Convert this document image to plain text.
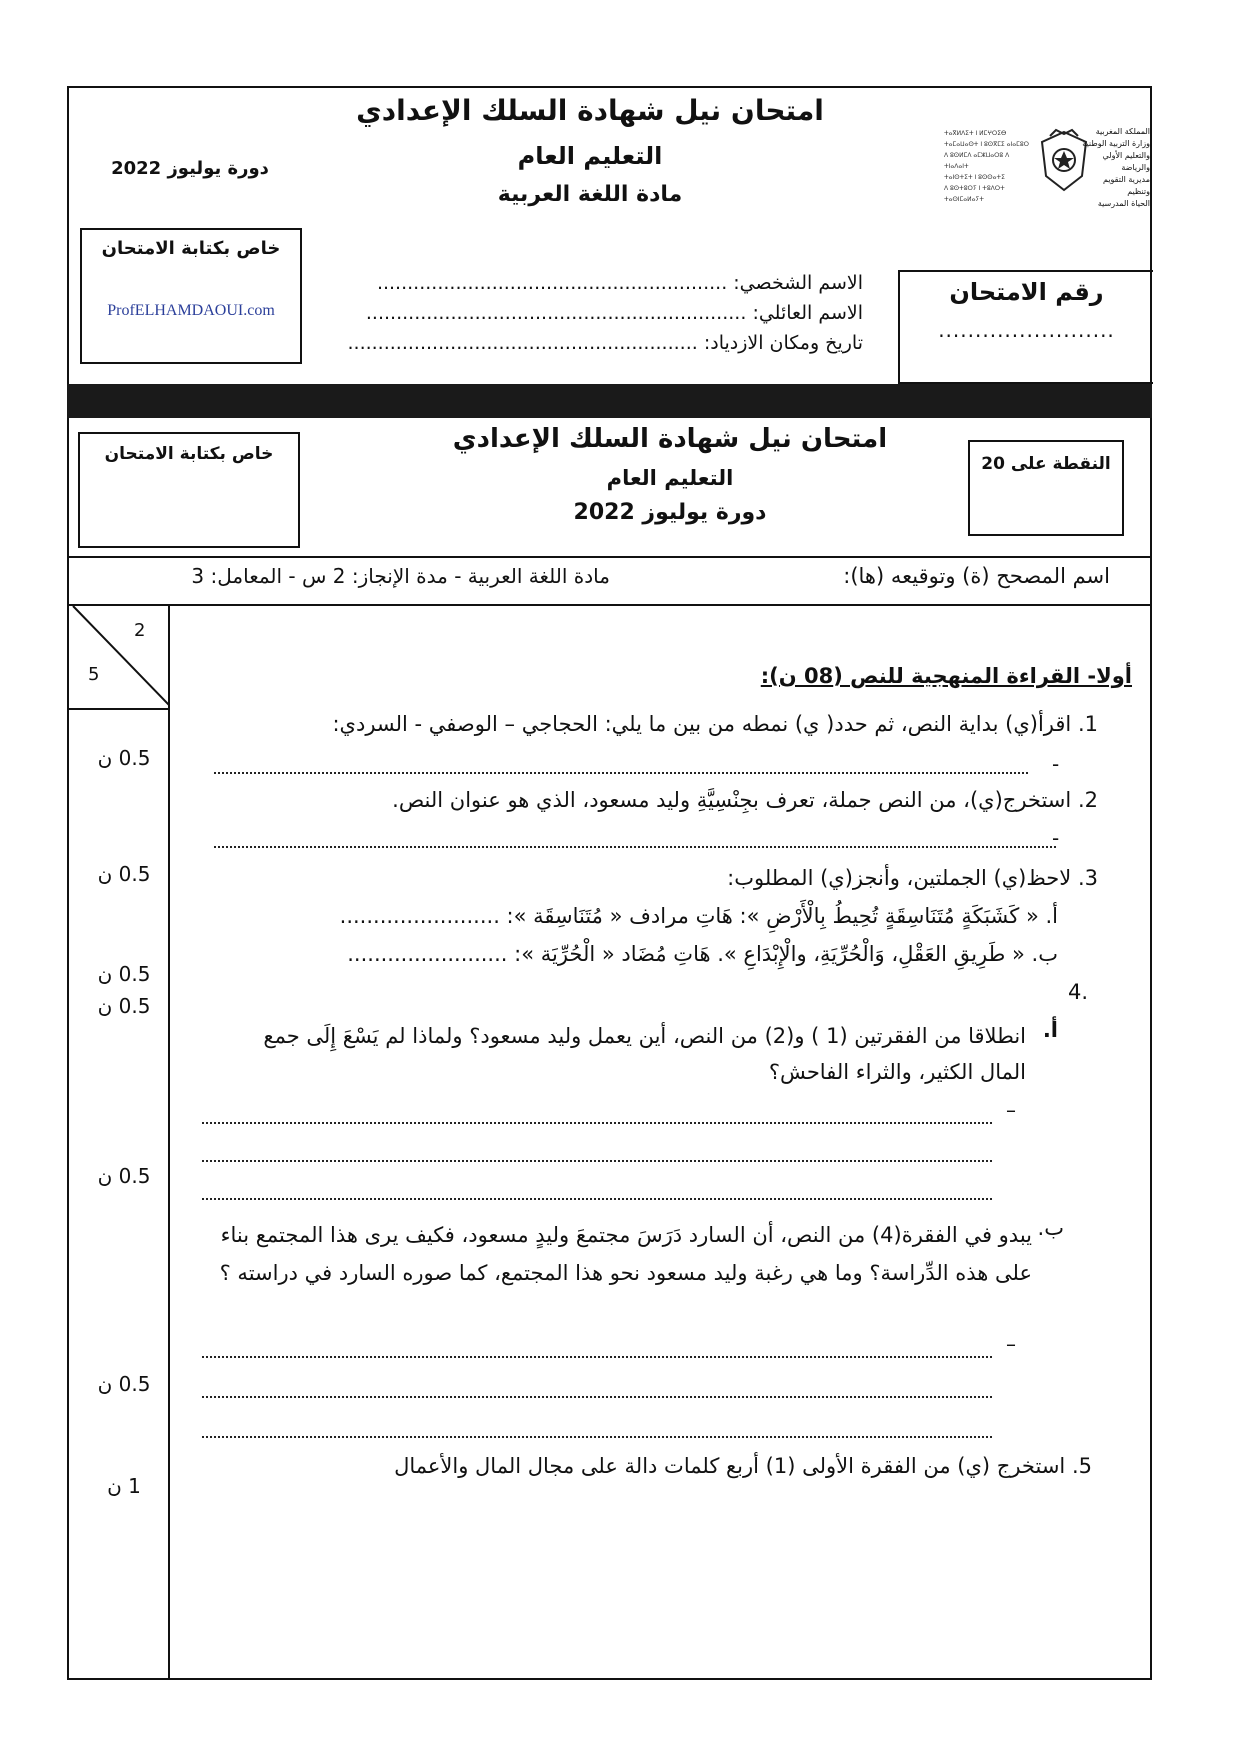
امتحان نيل شهادة السلك الإعدادي
التعليم العام
مادة اللغة العربية
دورة يوليوز 2022
ⵜⴰⴳⵍⴷⵉⵜ ⵏ ⵍⵎⵖⵔⵉⴱ
ⵜⴰⵎⴰⵡⴰⵙⵜ ⵏ ⵓⵙⴳⵎⵉ ⴰⵏⴰⵎⵓⵔ
ⴷ ⵓⵙⵍⵎⴷ ⴰⵎⵣⵡⴰⵔⵓ ⴷ ⵜⵏⴰⴷⴰⵏⵜ
ⵜⴰⵏⵙⵜⵉⵜ ⵏ ⵓⵙⵙⴰⵜⵉ
ⴷ ⵓⵙⵜⵓⵔⵢ ⵏ ⵜⵓⴷⵔⵜ ⵜⴰⵙⵏⵎⴰⵍⴰⵢⵜ
المملكة المغربية
وزارة التربية الوطنية
والتعليم الأولي والرياضة
مديرية التقويم وتنظيم
الحياة المدرسية
خاص بكتابة الامتحان
ProfELHAMDAOUI.com
الاسم الشخصي: ..........................................................
الاسم العائلي: ...............................................................
تاريخ ومكان الازدياد: ..........................................................
رقم الامتحان
........................
امتحان نيل شهادة السلك الإعدادي
التعليم العام
دورة يوليوز 2022
خاص بكتابة الامتحان	النقطة على 20
اسم المصحح (ة) وتوقيعه (ها):
مادة اللغة العربية - مدة الإنجاز: 2 س - المعامل: 3
2
5
0.5 ن
0.5 ن
0.5 ن
0.5 ن
0.5 ن
0.5 ن
1 ن
أولا- القراءة المنهجية للنص (08 ن):
1. اقرأ(ي) بداية النص، ثم حدد( ي) نمطه من بين ما يلي: الحجاجي – الوصفي - السردي:
-
2. استخرج(ي)، من النص جملة، تعرف بجِنْسِيَّةِ وليد مسعود، الذي هو عنوان النص.
-
3. لاحظ(ي) الجملتين، وأنجز(ي) المطلوب:
أ. « كَشَبَكَةٍ مُتَنَاسِقَةٍ تُحِيطُ بِالْأَرْضِ »: هَاتِ مرادف « مُتَنَاسِقَة »: ........................
ب. « طَرِيقِ العَقْلِ، وَالْحُرِّيَةِ، والْإِبْدَاعِ ». هَاتِ مُضَاد « الْحُرِّيَة »: ........................
.4
أ.
انطلاقا من الفقرتين (1 ) و(2) من النص، أين يعمل وليد مسعود؟ ولماذا لم يَسْعَ إِلَى جمع المال الكثير، والثراء الفاحش؟
–
ب.
يبدو في الفقرة(4) من النص، أن السارد دَرَسَ مجتمعَ وليدٍ مسعود، فكيف يرى هذا المجتمع بناء على هذه الدِّراسة؟ وما هي رغبة وليد مسعود نحو هذا المجتمع، كما صوره السارد في دراسته ؟
–
5. استخرج (ي) من الفقرة الأولى (1) أربع كلمات دالة على مجال المال والأعمال
